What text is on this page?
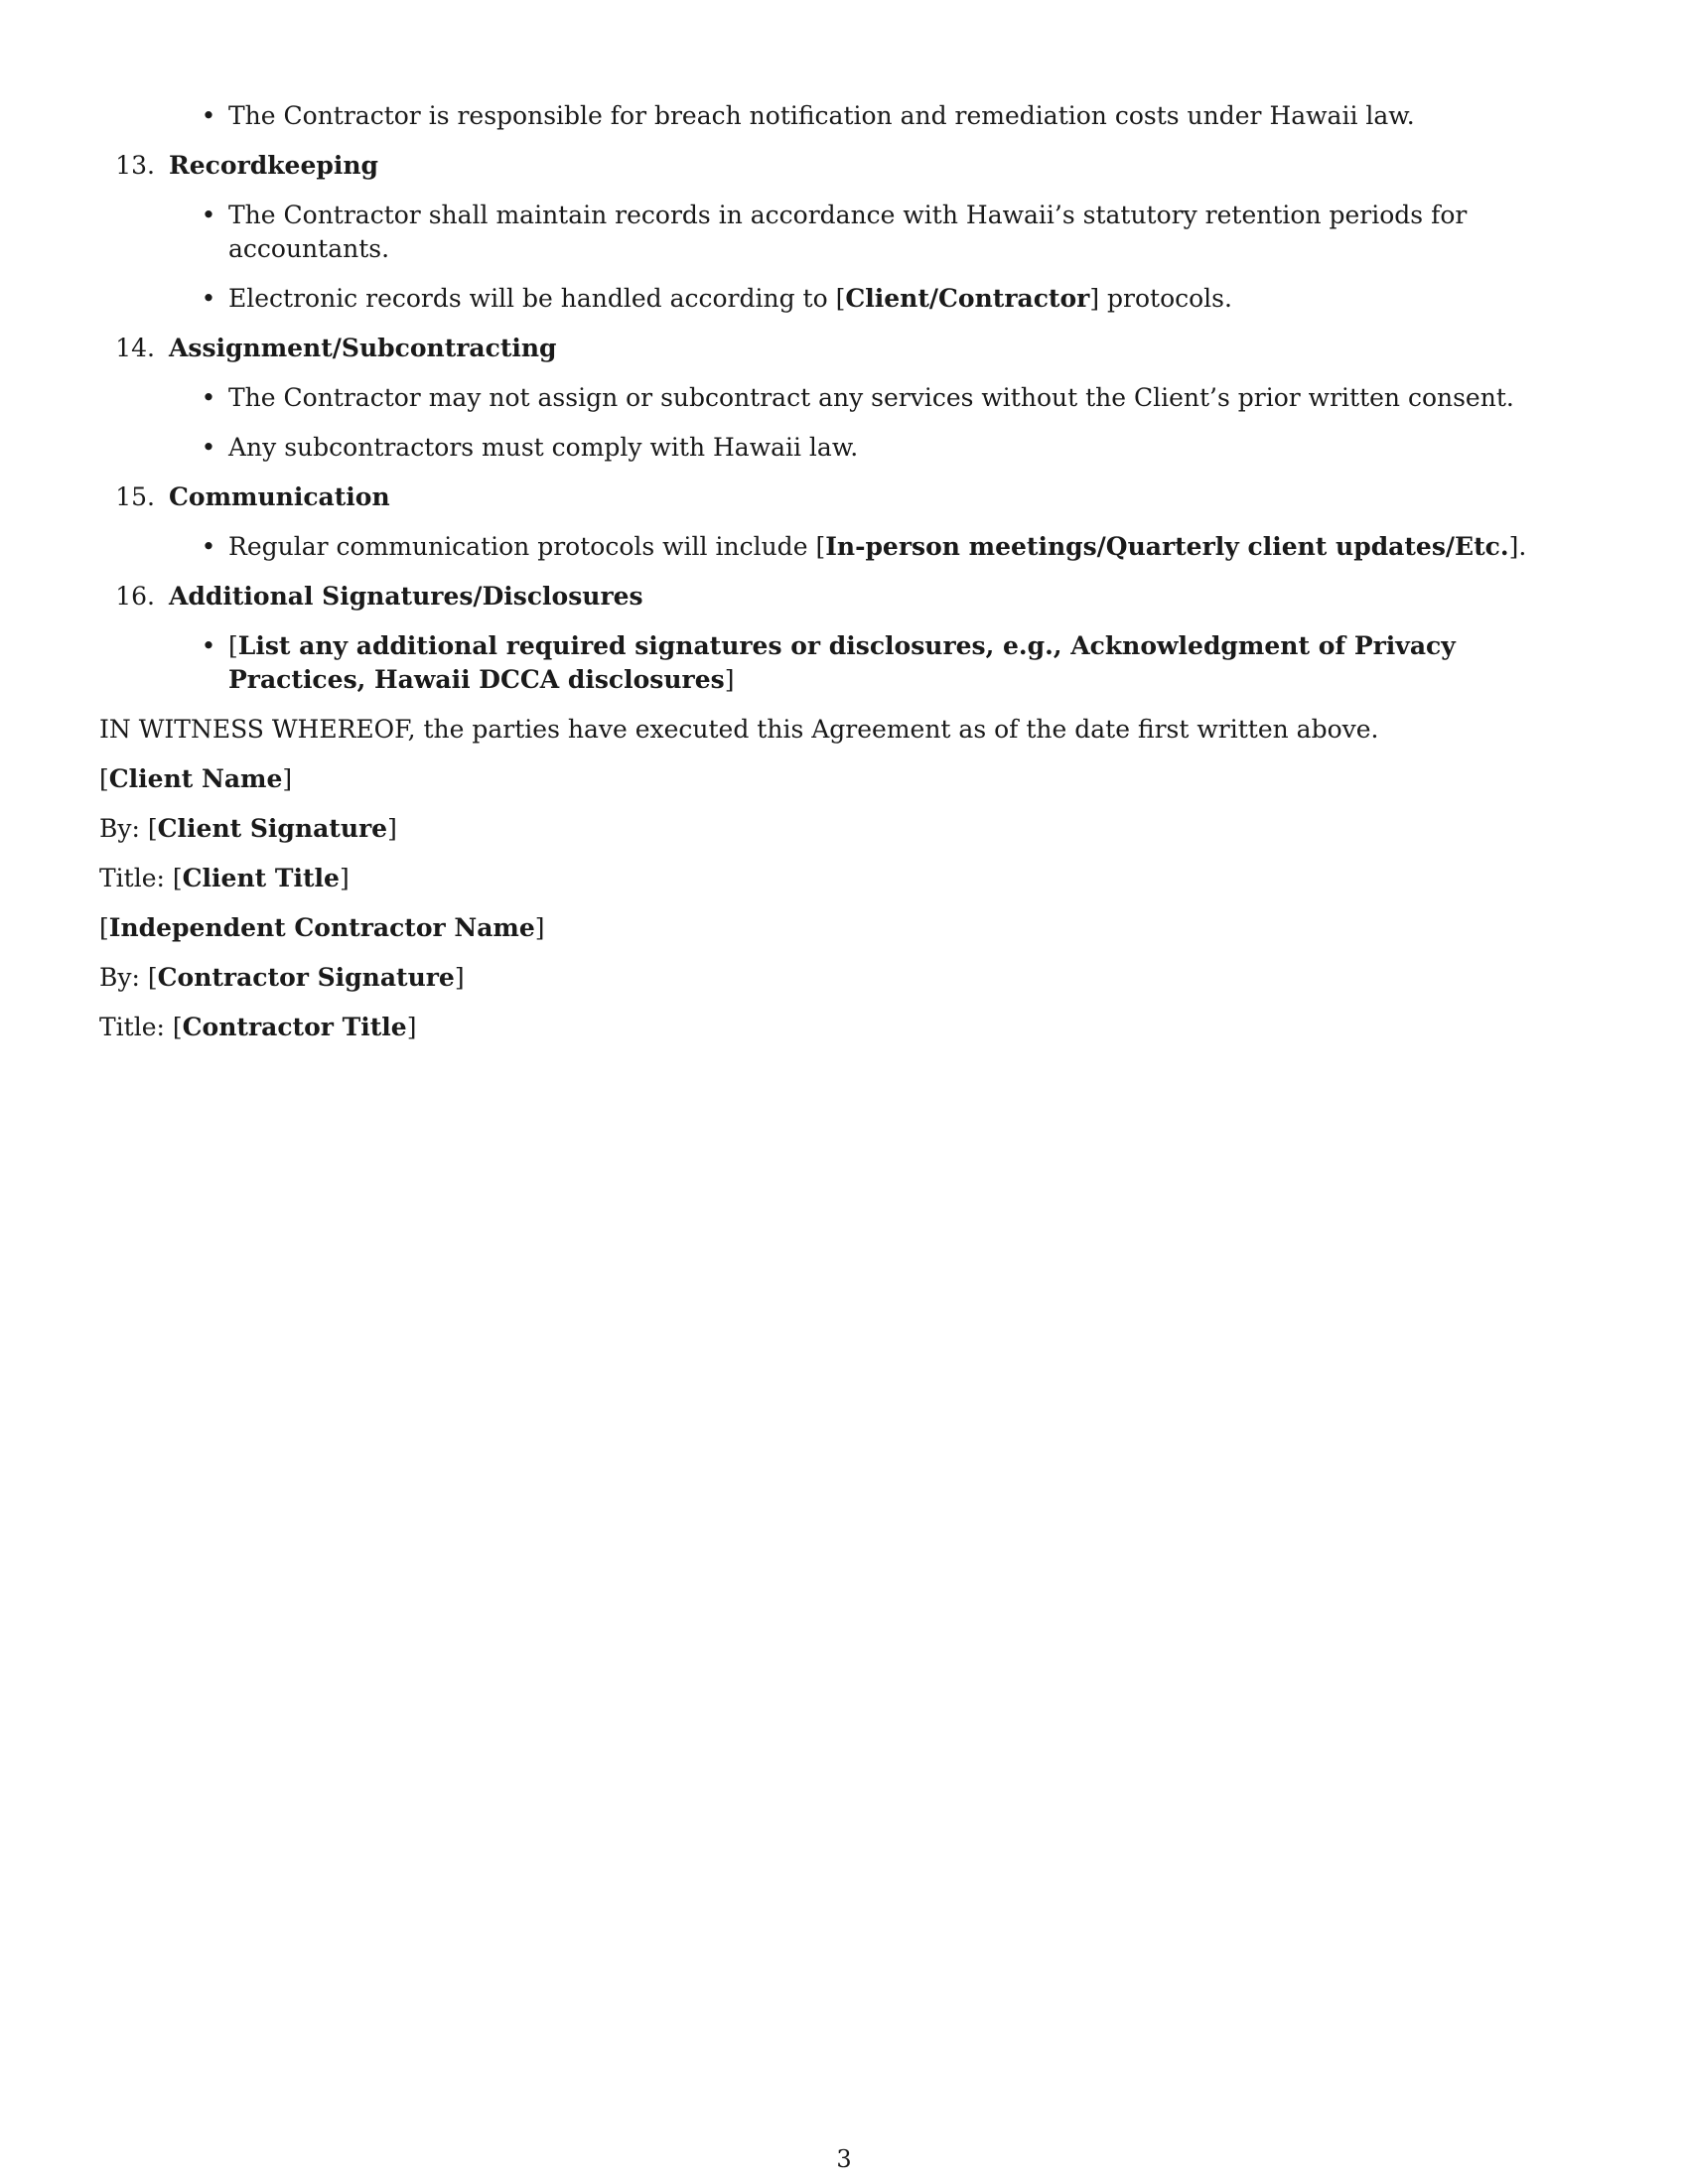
• The Contractor is responsible for breach notification and remediation costs under Hawaii law.
13. Recordkeeping
• The Contractor shall maintain records in accordance with Hawaii’s statutory retention periods for accountants.
• Electronic records will be handled according to [Client/Contractor] protocols.
14. Assignment/Subcontracting
• The Contractor may not assign or subcontract any services without the Client’s prior written consent.
• Any subcontractors must comply with Hawaii law.
15. Communication
• Regular communication protocols will include [In-person meetings/Quarterly client updates/Etc.].
16. Additional Signatures/Disclosures
• [List any additional required signatures or disclosures, e.g., Acknowledgment of Privacy Practices, Hawaii DCCA disclosures]

IN WITNESS WHEREOF, the parties have executed this Agreement as of the date first written above.

[Client Name]

By: [Client Signature]

Title: [Client Title]

[Independent Contractor Name]

By: [Contractor Signature]

Title: [Contractor Title]

3
